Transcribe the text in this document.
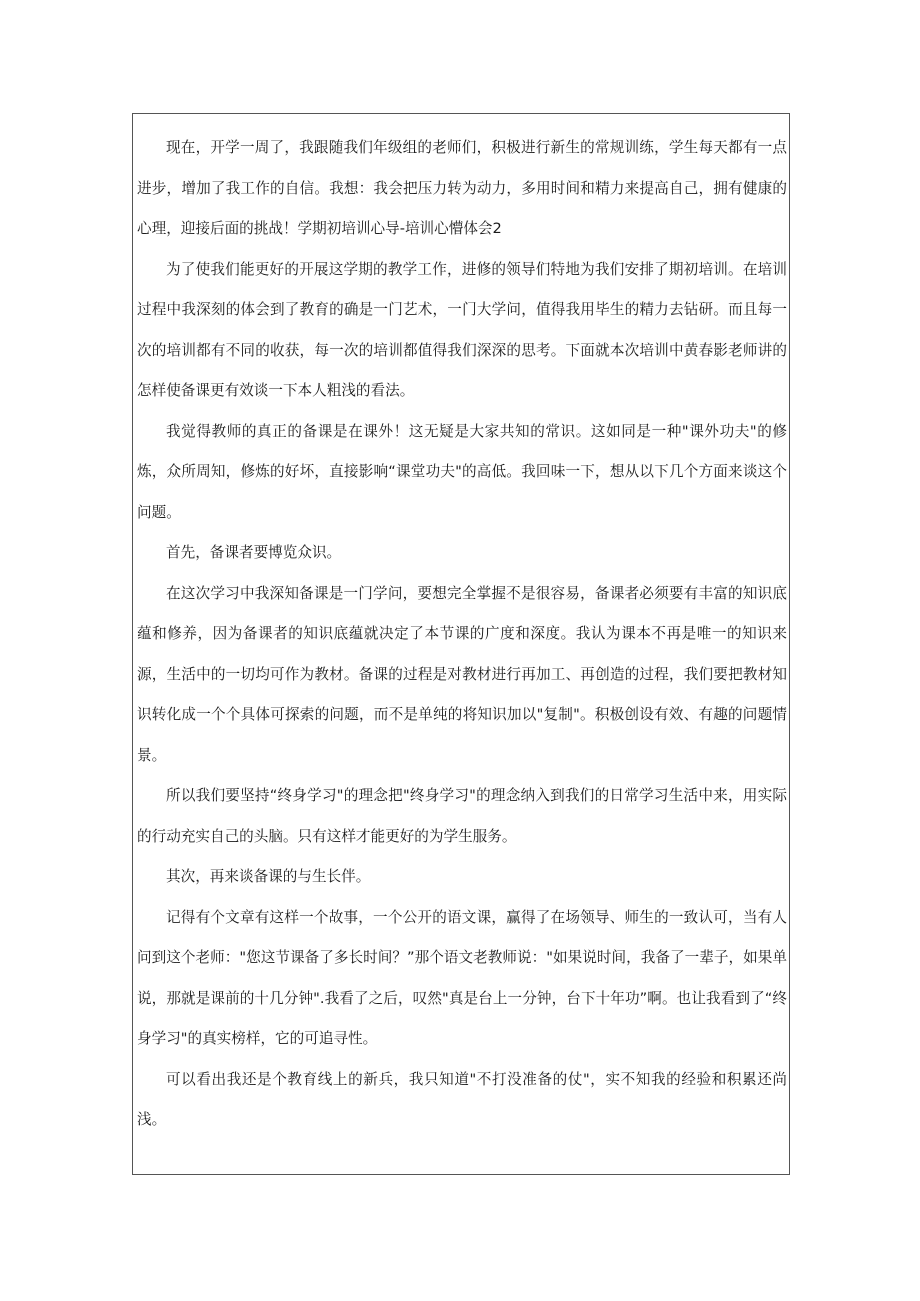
现在，开学一周了，我跟随我们年级组的老师们，积极进行新生的常规训练，学生每天都有一点进步，增加了我工作的自信。我想：我会把压力转为动力，多用时间和精力来提高自己，拥有健康的心理，迎接后面的挑战！学期初培训心导-培训心懵体会2

为了使我们能更好的开展这学期的教学工作，进修的领导们特地为我们安排了期初培训。在培训过程中我深刻的体会到了教育的确是一门艺术，一门大学问，值得我用毕生的精力去钻研。而且每一次的培训都有不同的收获，每一次的培训都值得我们深深的思考。下面就本次培训中黄春影老师讲的怎样使备课更有效谈一下本人粗浅的看法。

我觉得教师的真正的备课是在课外！这无疑是大家共知的常识。这如同是一种"课外功夫"的修炼，众所周知，修炼的好坏，直接影响“课堂功夫"的高低。我回味一下，想从以下几个方面来谈这个问题。

首先，备课者要博览众识。

在这次学习中我深知备课是一门学问，要想完全掌握不是很容易，备课者必须要有丰富的知识底蕴和修养，因为备课者的知识底蕴就决定了本节课的广度和深度。我认为课本不再是唯一的知识来源，生活中的一切均可作为教材。备课的过程是对教材进行再加工、再创造的过程，我们要把教材知识转化成一个个具体可探索的问题，而不是单纯的将知识加以"复制"。积极创设有效、有趣的问题情景。

所以我们要坚持“终身学习"的理念把"终身学习"的理念纳入到我们的日常学习生活中来，用实际的行动充实自己的头脑。只有这样才能更好的为学生服务。

其次，再来谈备课的与生长伴。

记得有个文章有这样一个故事，一个公开的语文课，赢得了在场领导、师生的一致认可，当有人问到这个老师："您这节课备了多长时间？”那个语文老教师说："如果说时间，我备了一辈子，如果单说，那就是课前的十几分钟".我看了之后，叹然"真是台上一分钟，台下十年功”啊。也让我看到了“终身学习"的真实榜样，它的可追寻性。

可以看出我还是个教育线上的新兵，我只知道"不打没准备的仗"，实不知我的经验和积累还尚浅。
